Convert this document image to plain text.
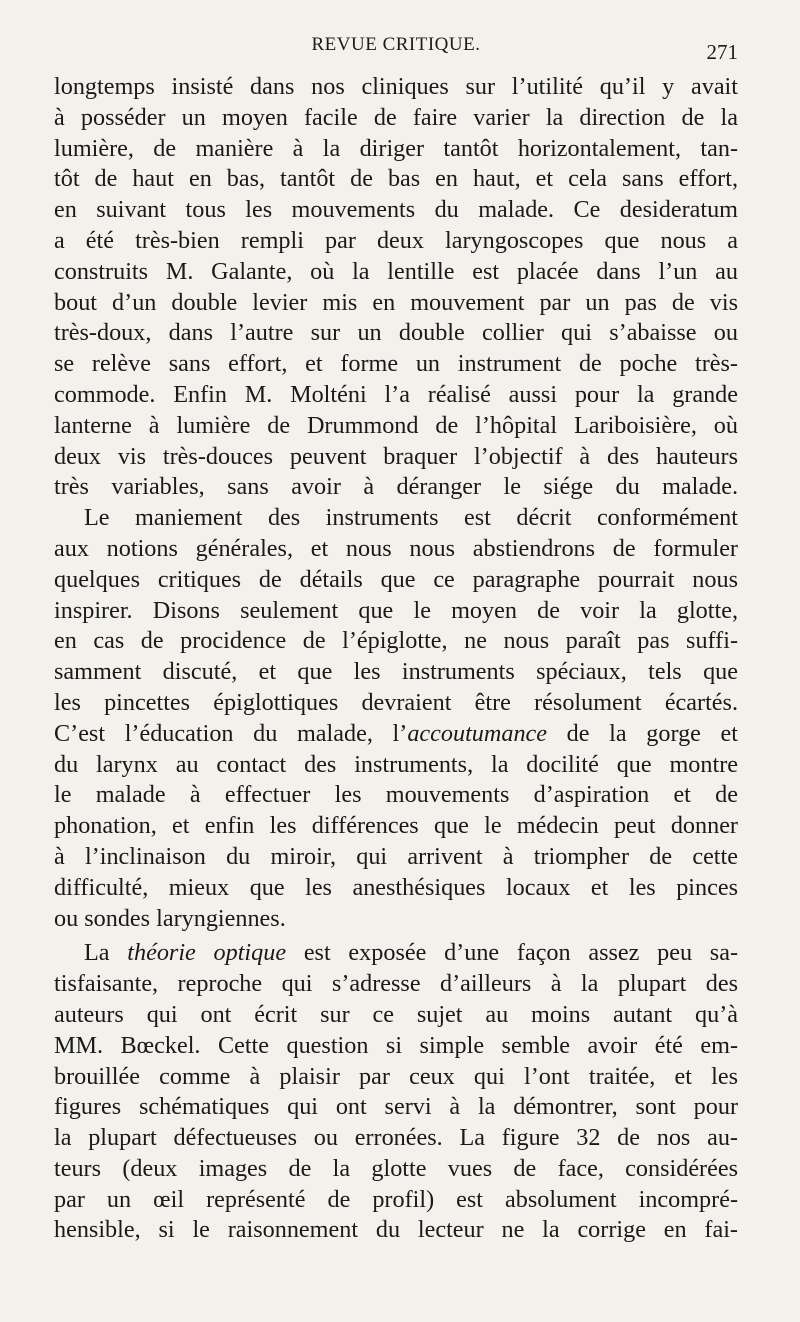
REVUE CRITIQUE.	271
longtemps insisté dans nos cliniques sur l’utilité qu’il y avait
à posséder un moyen facile de faire varier la direction de la
lumière, de manière à la diriger tantôt horizontalement, tan-
tôt de haut en bas, tantôt de bas en haut, et cela sans effort,
en suivant tous les mouvements du malade. Ce desideratum
a été très-bien rempli par deux laryngoscopes que nous a
construits M. Galante, où la lentille est placée dans l’un au
bout d’un double levier mis en mouvement par un pas de vis
très-doux, dans l’autre sur un double collier qui s’abaisse ou
se relève sans effort, et forme un instrument de poche très-
commode. Enfin M. Molténi l’a réalisé aussi pour la grande
lanterne à lumière de Drummond de l’hôpital Lariboisière, où
deux vis très-douces peuvent braquer l’objectif à des hauteurs
très variables, sans avoir à déranger le siége du malade.
Le maniement des instruments est décrit conformément
aux notions générales, et nous nous abstiendrons de formuler
quelques critiques de détails que ce paragraphe pourrait nous
inspirer. Disons seulement que le moyen de voir la glotte,
en cas de procidence de l’épiglotte, ne nous paraît pas suffi-
samment discuté, et que les instruments spéciaux, tels que
les pincettes épiglottiques devraient être résolument écartés.
C’est l’éducation du malade, l’accoutumance de la gorge et
du larynx au contact des instruments, la docilité que montre
le malade à effectuer les mouvements d’aspiration et de
phonation, et enfin les différences que le médecin peut donner
à l’inclinaison du miroir, qui arrivent à triompher de cette
difficulté, mieux que les anesthésiques locaux et les pinces
ou sondes laryngiennes.
La théorie optique est exposée d’une façon assez peu sa-
tisfaisante, reproche qui s’adresse d’ailleurs à la plupart des
auteurs qui ont écrit sur ce sujet au moins autant qu’à
MM. Bœckel. Cette question si simple semble avoir été em-
brouillée comme à plaisir par ceux qui l’ont traitée, et les
figures schématiques qui ont servi à la démontrer, sont pour
la plupart défectueuses ou erronées. La figure 32 de nos au-
teurs (deux images de la glotte vues de face, considérées
par un œil représenté de profil) est absolument incompré-
hensible, si le raisonnement du lecteur ne la corrige en fai-
